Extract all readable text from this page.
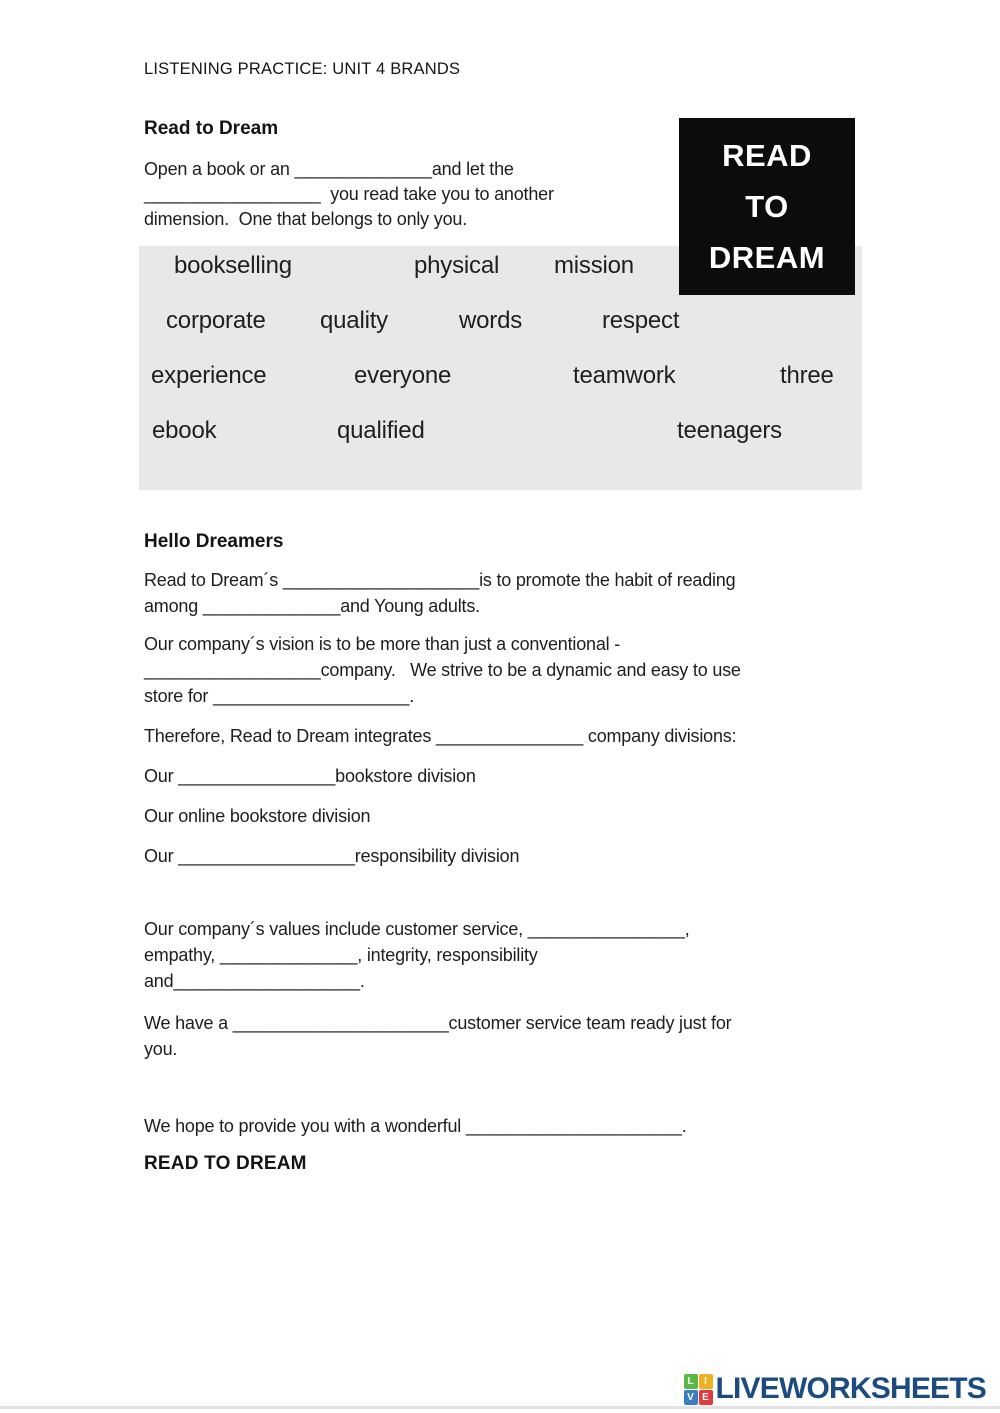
LISTENING PRACTICE: UNIT 4 BRANDS
Read to Dream
Open a book or an ______________and let the
__________________  you read take you to another
dimension.  One that belongs to only you.
bookselling	physical mission
corporate quality	words	respect
experience	everyone	teamwork	three
ebook	qualified	teenagers
READ
TO
DREAM
Hello Dreamers
Read to Dream´s ____________________is to promote the habit of reading
among ______________and Young adults.
Our company´s vision is to be more than just a conventional -
__________________company.   We strive to be a dynamic and easy to use
store for ____________________.
Therefore, Read to Dream integrates _______________ company divisions:
Our ________________bookstore division
Our online bookstore division
Our __________________responsibility division
Our company´s values include customer service, ________________,
empathy, ______________, integrity, responsibility
and___________________.
We have a ______________________customer service team ready just for
you.
We hope to provide you with a wonderful ______________________.
READ TO DREAM
L	I
V E LIVEWORKSHEETS
